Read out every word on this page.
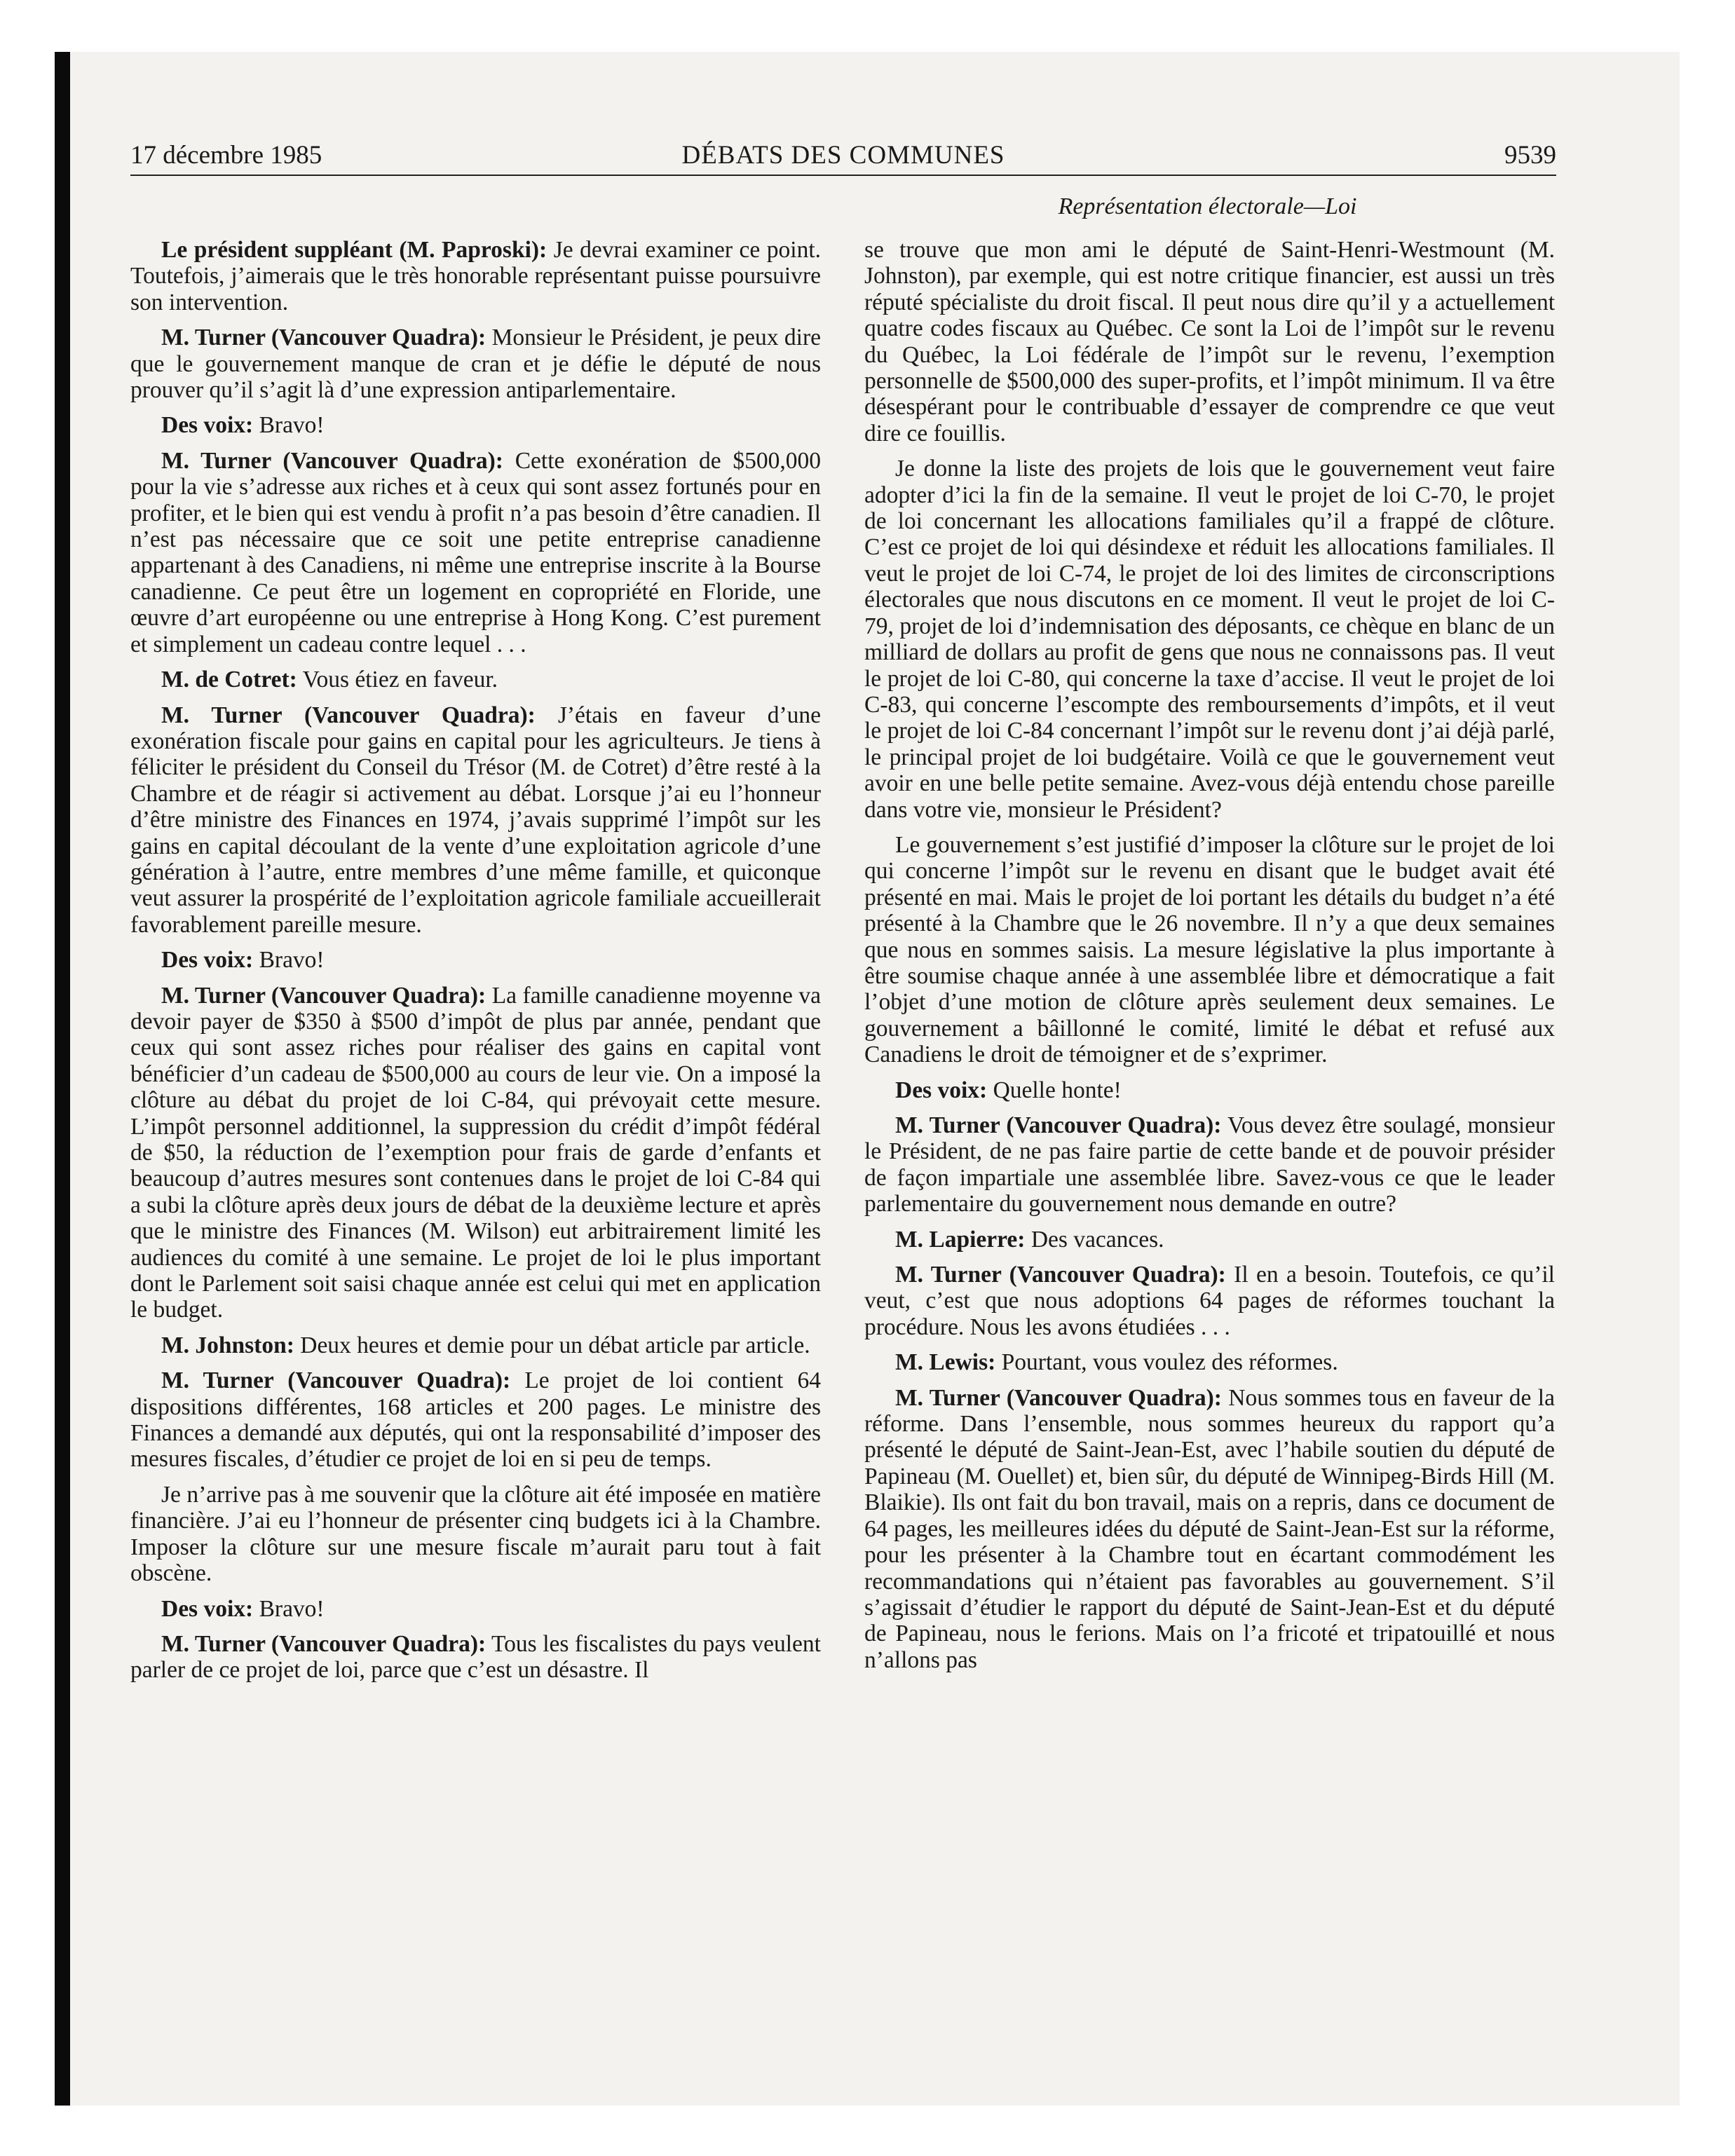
17 décembre 1985	DÉBATS DES COMMUNES	9539
Représentation électorale—Loi

Le président suppléant (M. Paproski): Je devrai examiner ce point. Toutefois, j’aimerais que le très honorable représentant puisse poursuivre son intervention.

M. Turner (Vancouver Quadra): Monsieur le Président, je peux dire que le gouvernement manque de cran et je défie le député de nous prouver qu’il s’agit là d’une expression antiparlementaire.

Des voix: Bravo!

M. Turner (Vancouver Quadra): Cette exonération de $500,000 pour la vie s’adresse aux riches et à ceux qui sont assez fortunés pour en profiter, et le bien qui est vendu à profit n’a pas besoin d’être canadien. Il n’est pas nécessaire que ce soit une petite entreprise canadienne appartenant à des Canadiens, ni même une entreprise inscrite à la Bourse canadienne. Ce peut être un logement en copropriété en Floride, une œuvre d’art européenne ou une entreprise à Hong Kong. C’est purement et simplement un cadeau contre lequel . . .

M. de Cotret: Vous étiez en faveur.

M. Turner (Vancouver Quadra): J’étais en faveur d’une exonération fiscale pour gains en capital pour les agriculteurs. Je tiens à féliciter le président du Conseil du Trésor (M. de Cotret) d’être resté à la Chambre et de réagir si activement au débat. Lorsque j’ai eu l’honneur d’être ministre des Finances en 1974, j’avais supprimé l’impôt sur les gains en capital découlant de la vente d’une exploitation agricole d’une génération à l’autre, entre membres d’une même famille, et quiconque veut assurer la prospérité de l’exploitation agricole familiale accueillerait favorablement pareille mesure.

Des voix: Bravo!

M. Turner (Vancouver Quadra): La famille canadienne moyenne va devoir payer de $350 à $500 d’impôt de plus par année, pendant que ceux qui sont assez riches pour réaliser des gains en capital vont bénéficier d’un cadeau de $500,000 au cours de leur vie. On a imposé la clôture au débat du projet de loi C-84, qui prévoyait cette mesure. L’impôt personnel additionnel, la suppression du crédit d’impôt fédéral de $50, la réduction de l’exemption pour frais de garde d’enfants et beaucoup d’autres mesures sont contenues dans le projet de loi C-84 qui a subi la clôture après deux jours de débat de la deuxième lecture et après que le ministre des Finances (M. Wilson) eut arbitrairement limité les audiences du comité à une semaine. Le projet de loi le plus important dont le Parlement soit saisi chaque année est celui qui met en application le budget.

M. Johnston: Deux heures et demie pour un débat article par article.

M. Turner (Vancouver Quadra): Le projet de loi contient 64 dispositions différentes, 168 articles et 200 pages. Le ministre des Finances a demandé aux députés, qui ont la responsabilité d’imposer des mesures fiscales, d’étudier ce projet de loi en si peu de temps.

Je n’arrive pas à me souvenir que la clôture ait été imposée en matière financière. J’ai eu l’honneur de présenter cinq budgets ici à la Chambre. Imposer la clôture sur une mesure fiscale m’aurait paru tout à fait obscène.

Des voix: Bravo!

M. Turner (Vancouver Quadra): Tous les fiscalistes du pays veulent parler de ce projet de loi, parce que c’est un désastre. Il

se trouve que mon ami le député de Saint-Henri-Westmount (M. Johnston), par exemple, qui est notre critique financier, est aussi un très réputé spécialiste du droit fiscal. Il peut nous dire qu’il y a actuellement quatre codes fiscaux au Québec. Ce sont la Loi de l’impôt sur le revenu du Québec, la Loi fédérale de l’impôt sur le revenu, l’exemption personnelle de $500,000 des super-profits, et l’impôt minimum. Il va être désespérant pour le contribuable d’essayer de comprendre ce que veut dire ce fouillis.

Je donne la liste des projets de lois que le gouvernement veut faire adopter d’ici la fin de la semaine. Il veut le projet de loi C-70, le projet de loi concernant les allocations familiales qu’il a frappé de clôture. C’est ce projet de loi qui désindexe et réduit les allocations familiales. Il veut le projet de loi C-74, le projet de loi des limites de circonscriptions électorales que nous discutons en ce moment. Il veut le projet de loi C-79, projet de loi d’indemnisation des déposants, ce chèque en blanc de un milliard de dollars au profit de gens que nous ne connaissons pas. Il veut le projet de loi C-80, qui concerne la taxe d’accise. Il veut le projet de loi C-83, qui concerne l’escompte des remboursements d’impôts, et il veut le projet de loi C-84 concernant l’impôt sur le revenu dont j’ai déjà parlé, le principal projet de loi budgétaire. Voilà ce que le gouvernement veut avoir en une belle petite semaine. Avez-vous déjà entendu chose pareille dans votre vie, monsieur le Président?

Le gouvernement s’est justifié d’imposer la clôture sur le projet de loi qui concerne l’impôt sur le revenu en disant que le budget avait été présenté en mai. Mais le projet de loi portant les détails du budget n’a été présenté à la Chambre que le 26 novembre. Il n’y a que deux semaines que nous en sommes saisis. La mesure législative la plus importante à être soumise chaque année à une assemblée libre et démocratique a fait l’objet d’une motion de clôture après seulement deux semaines. Le gouvernement a bâillonné le comité, limité le débat et refusé aux Canadiens le droit de témoigner et de s’exprimer.

Des voix: Quelle honte!

M. Turner (Vancouver Quadra): Vous devez être soulagé, monsieur le Président, de ne pas faire partie de cette bande et de pouvoir présider de façon impartiale une assemblée libre. Savez-vous ce que le leader parlementaire du gouvernement nous demande en outre?

M. Lapierre: Des vacances.

M. Turner (Vancouver Quadra): Il en a besoin. Toutefois, ce qu’il veut, c’est que nous adoptions 64 pages de réformes touchant la procédure. Nous les avons étudiées . . .

M. Lewis: Pourtant, vous voulez des réformes.

M. Turner (Vancouver Quadra): Nous sommes tous en faveur de la réforme. Dans l’ensemble, nous sommes heureux du rapport qu’a présenté le député de Saint-Jean-Est, avec l’habile soutien du député de Papineau (M. Ouellet) et, bien sûr, du député de Winnipeg-Birds Hill (M. Blaikie). Ils ont fait du bon travail, mais on a repris, dans ce document de 64 pages, les meilleures idées du député de Saint-Jean-Est sur la réforme, pour les présenter à la Chambre tout en écartant commodément les recommandations qui n’étaient pas favorables au gouvernement. S’il s’agissait d’étudier le rapport du député de Saint-Jean-Est et du député de Papineau, nous le ferions. Mais on l’a fricoté et tripatouillé et nous n’allons pas
